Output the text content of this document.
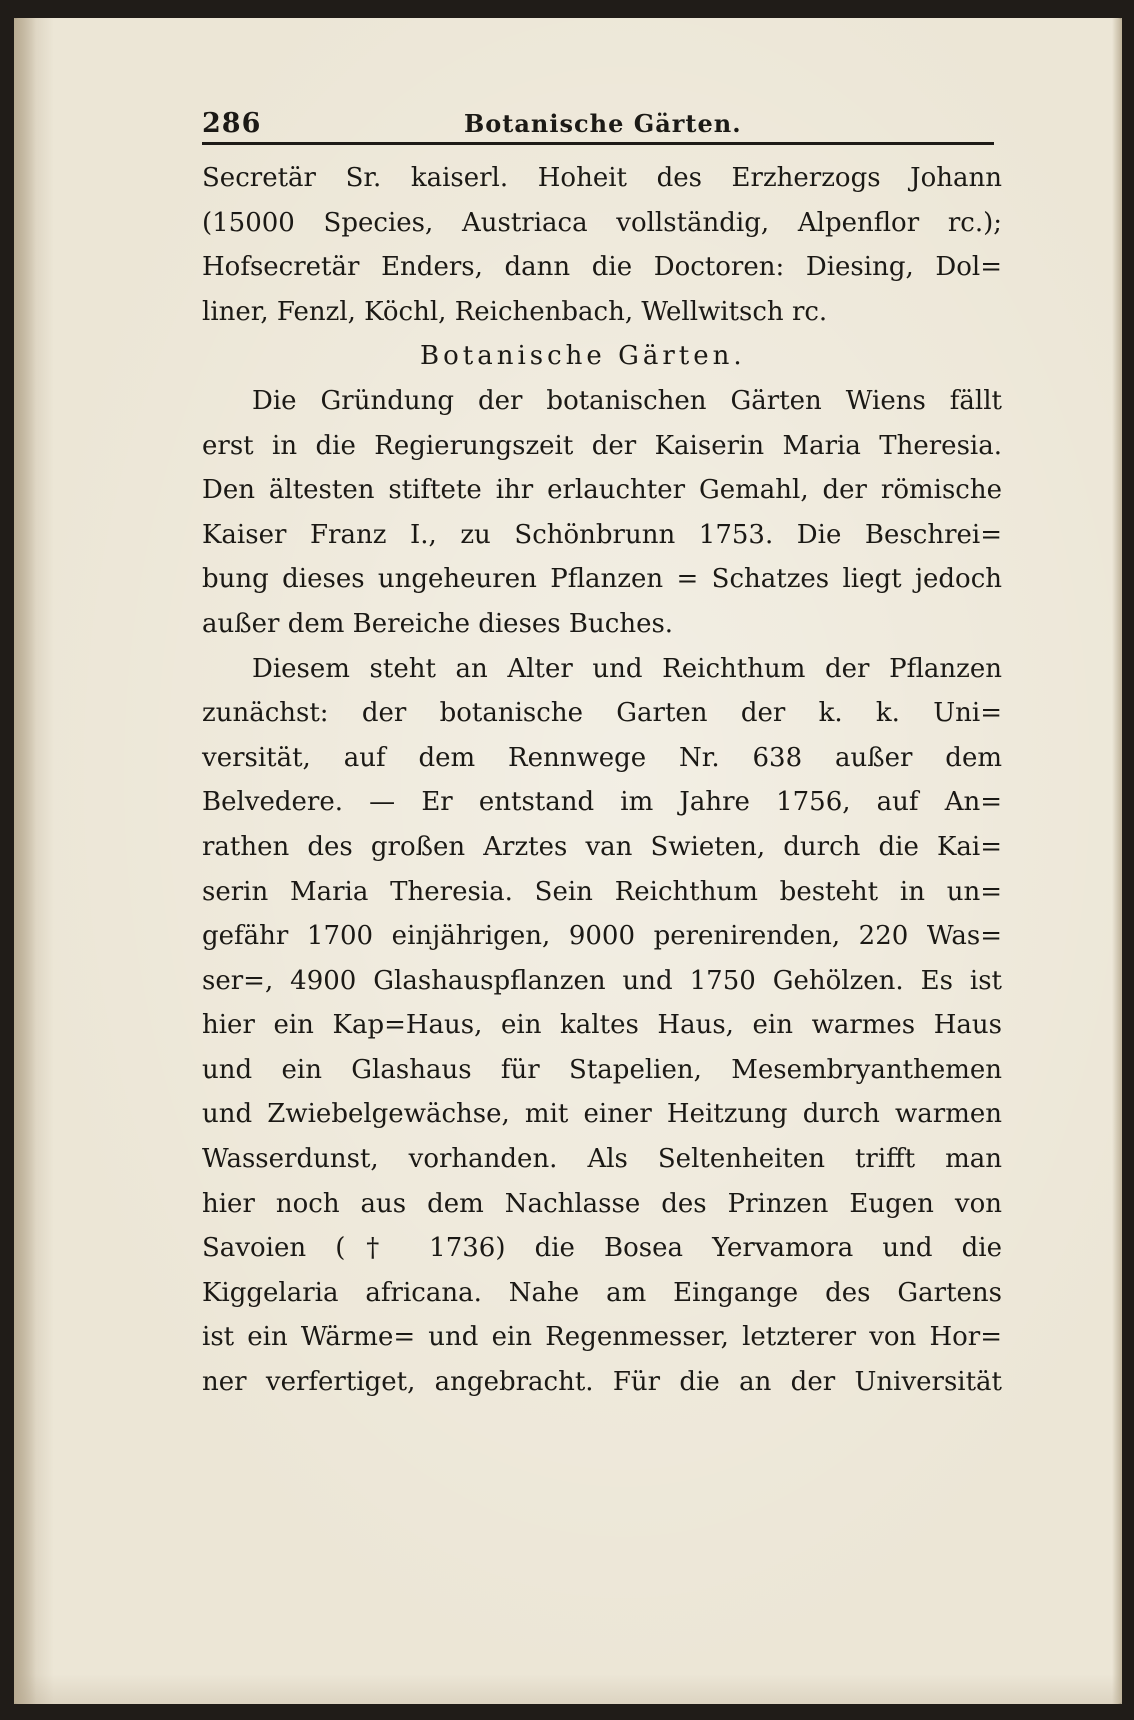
286	Botanische Gärten.
Secretär Sr. kaiserl. Hoheit des Erzherzogs Johann
(15000 Species, Austriaca vollständig, Alpenflor rc.);
Hofsecretär Enders, dann die Doctoren: Diesing, Dol=
liner, Fenzl, Köchl, Reichenbach, Wellwitsch rc.
Botanische Gärten.
Die Gründung der botanischen Gärten Wiens fällt
erst in die Regierungszeit der Kaiserin Maria Theresia.
Den ältesten stiftete ihr erlauchter Gemahl, der römische
Kaiser Franz I., zu Schönbrunn 1753. Die Beschrei=
bung dieses ungeheuren Pflanzen = Schatzes liegt jedoch
außer dem Bereiche dieses Buches.
Diesem steht an Alter und Reichthum der Pflanzen
zunächst: der botanische Garten der k. k. Uni=
versität, auf dem Rennwege Nr. 638 außer dem
Belvedere. — Er entstand im Jahre 1756, auf An=
rathen des großen Arztes van Swieten, durch die Kai=
serin Maria Theresia. Sein Reichthum besteht in un=
gefähr 1700 einjährigen, 9000 perenirenden, 220 Was=
ser=, 4900 Glashauspflanzen und 1750 Gehölzen. Es ist
hier ein Kap=Haus, ein kaltes Haus, ein warmes Haus
und ein Glashaus für Stapelien, Mesembryanthemen
und Zwiebelgewächse, mit einer Heitzung durch warmen
Wasserdunst, vorhanden. Als Seltenheiten trifft man
hier noch aus dem Nachlasse des Prinzen Eugen von
Savoien († 1736) die Bosea Yervamora und die
Kiggelaria africana. Nahe am Eingange des Gartens
ist ein Wärme= und ein Regenmesser, letzterer von Hor=
ner verfertiget, angebracht. Für die an der Universität
